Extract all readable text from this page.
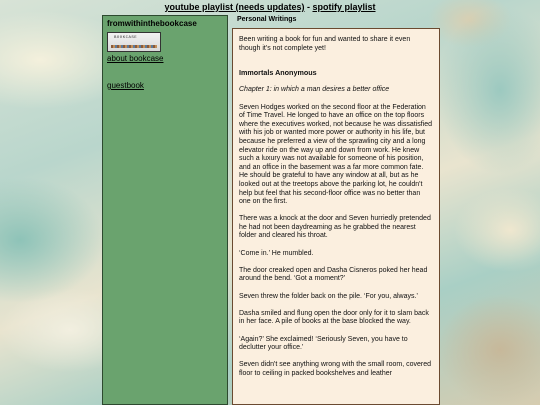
youtube playlist (needs updates) - spotify playlist
fromwithinthebookcase
BOOKCASE
about bookcase
guestbook
Personal Writings

Been writing a book for fun and wanted to share it even though it's not complete yet!

Immortals Anonymous

Chapter 1: in which a man desires a better office

Seven Hodges worked on the second floor at the Federation of Time Travel. He longed to have an office on the top floors where the executives worked, not because he was dissatisfied with his job or wanted more power or authority in his life, but because he preferred a view of the sprawling city and a long elevator ride on the way up and down from work. He knew such a luxury was not available for someone of his position, and an office in the basement was a far more common fate. He should be grateful to have any window at all, but as he looked out at the treetops above the parking lot, he couldn't help but feel that his second-floor office was no better than one on the first.

There was a knock at the door and Seven hurriedly pretended he had not been daydreaming as he grabbed the nearest folder and cleared his throat.

‘Come in.’ He mumbled.

The door creaked open and Dasha Cisneros poked her head around the bend. ‘Got a moment?’

Seven threw the folder back on the pile. ‘For you, always.’

Dasha smiled and flung open the door only for it to slam back in her face. A pile of books at the base blocked the way.

‘Again?’ She exclaimed! ‘Seriously Seven, you have to declutter your office.’

Seven didn't see anything wrong with the small room, covered floor to ceiling in packed bookshelves and leather
